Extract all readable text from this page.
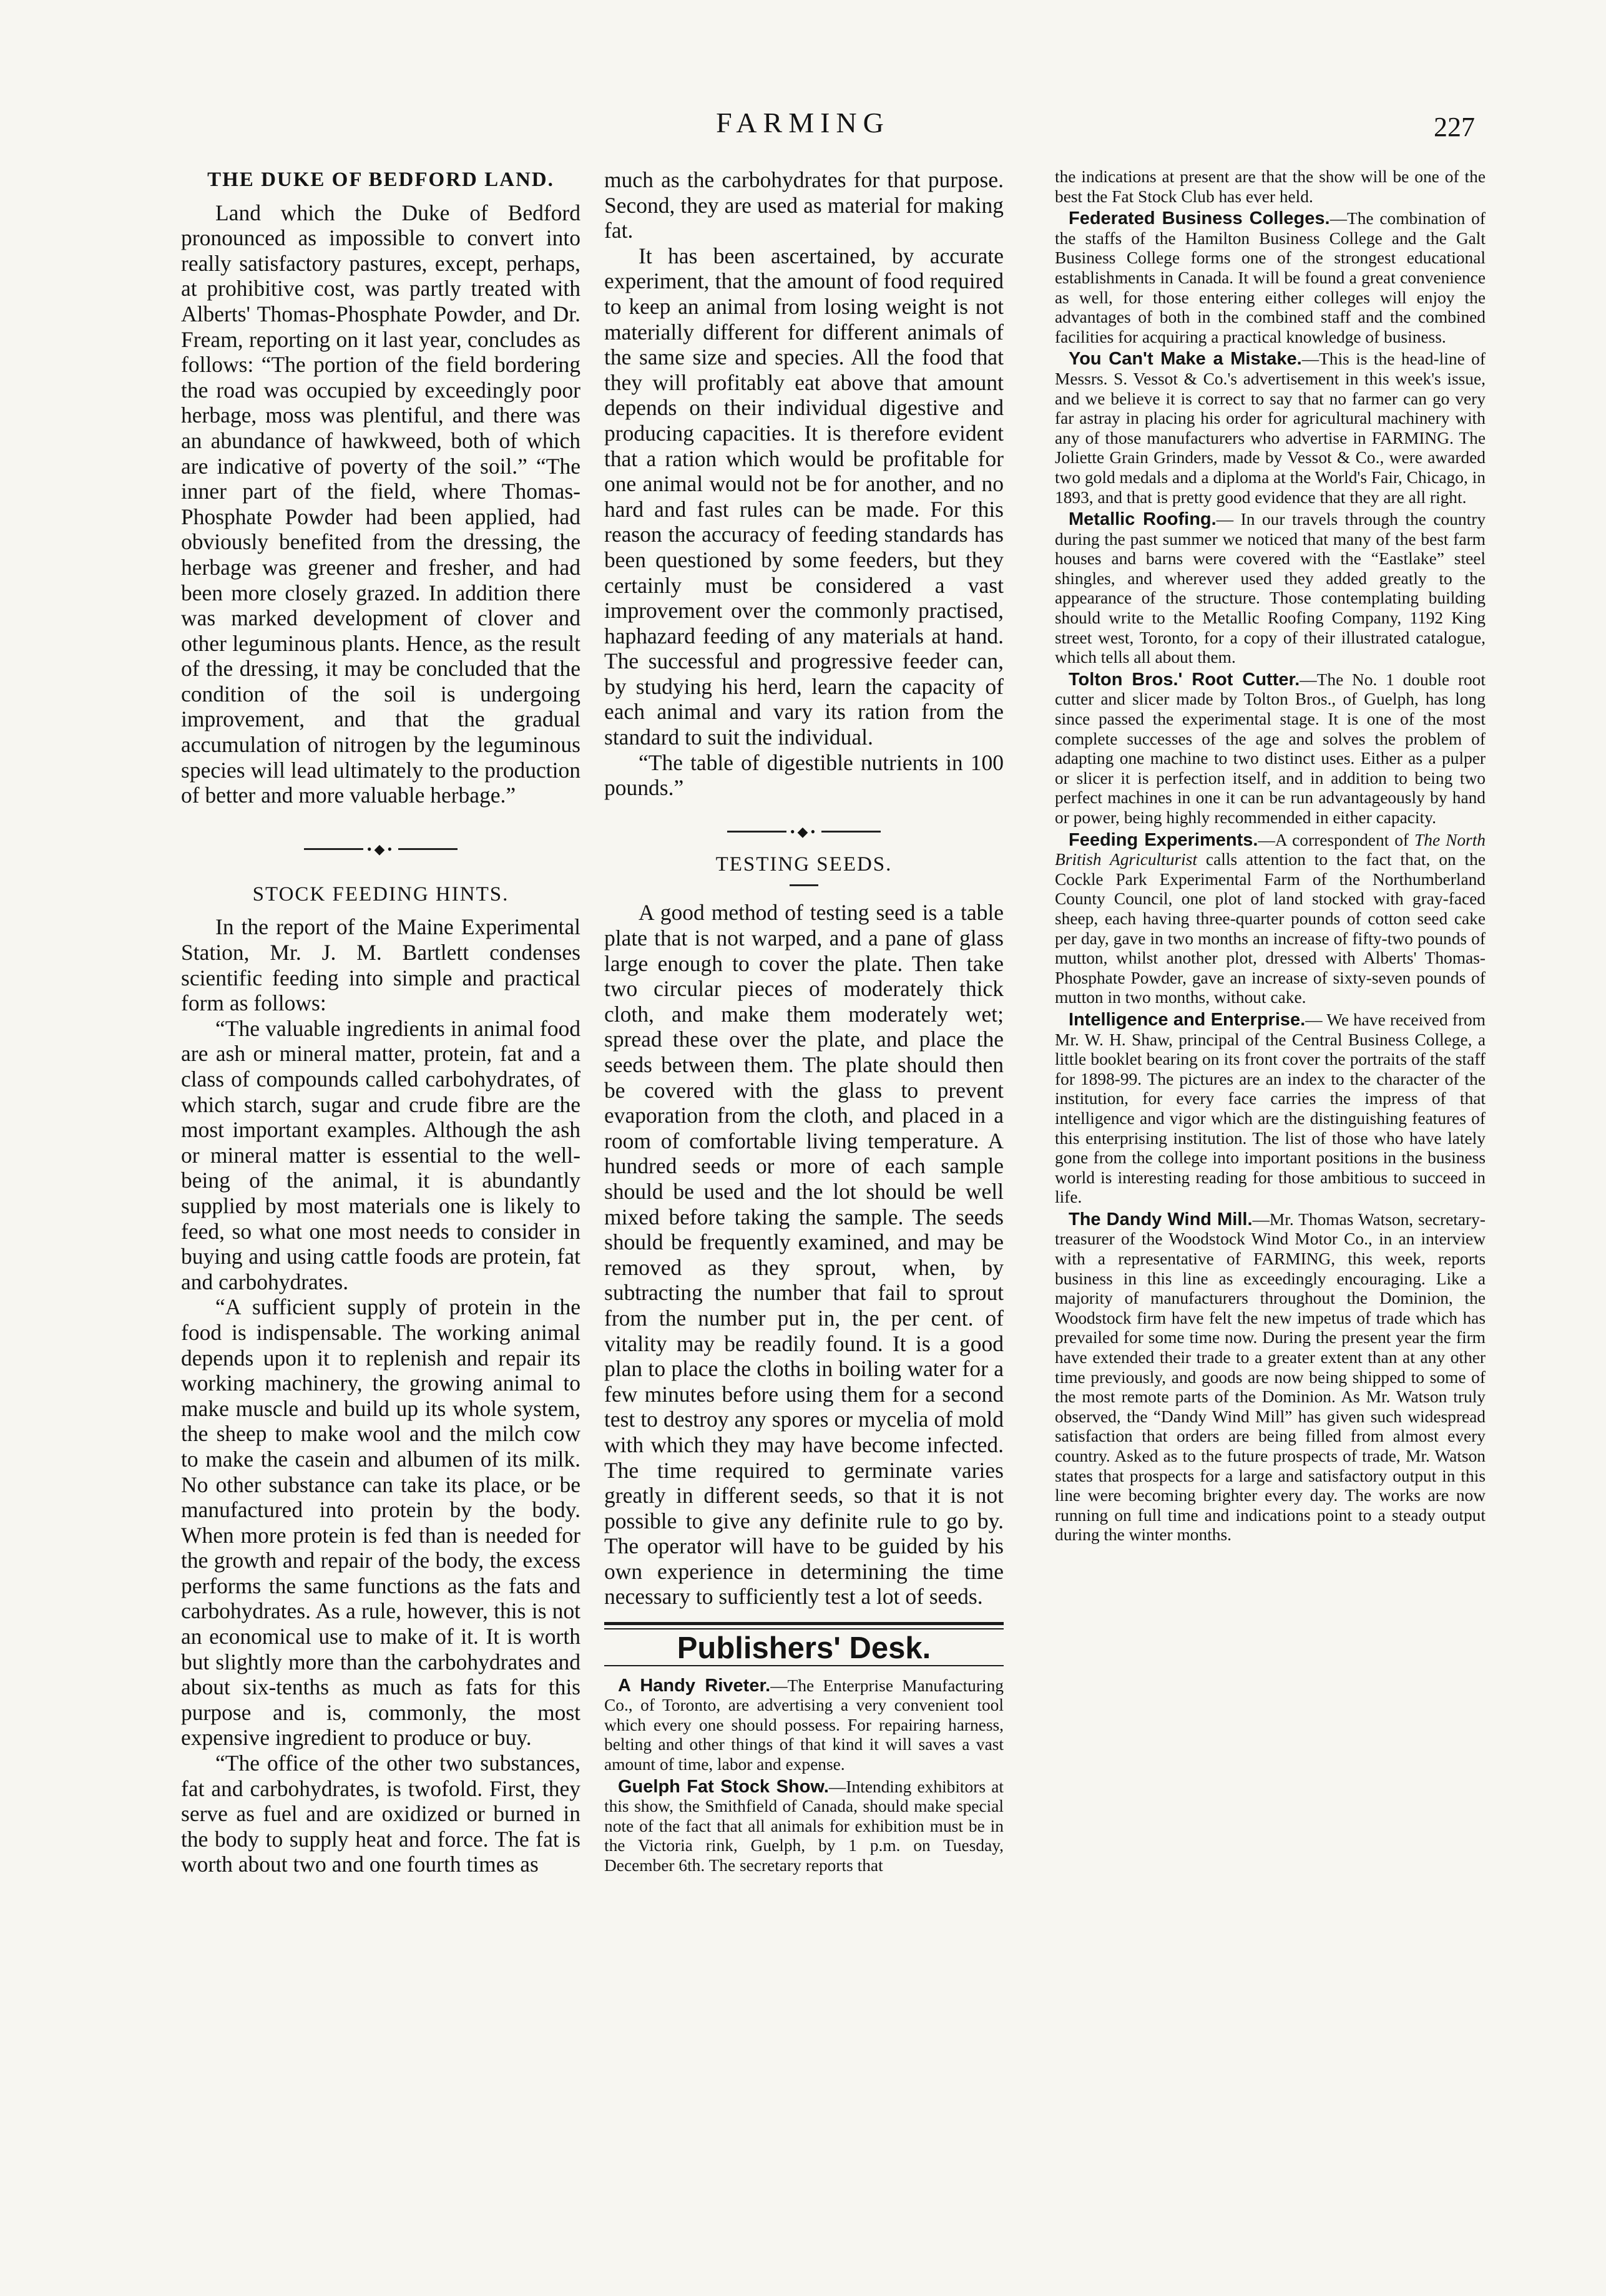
FARMING	227
THE DUKE OF BEDFORD LAND.

Land which the Duke of Bedford pronounced as impossible to convert into really satisfactory pastures, except, perhaps, at prohibitive cost, was partly treated with Alberts' Thomas-Phosphate Powder, and Dr. Fream, reporting on it last year, concludes as follows: “The portion of the field bordering the road was occupied by exceedingly poor herbage, moss was plentiful, and there was an abundance of hawkweed, both of which are indicative of poverty of the soil.” “The inner part of the field, where Thomas-Phosphate Powder had been applied, had obviously benefited from the dressing, the herbage was greener and fresher, and had been more closely grazed. In addition there was marked development of clover and other leguminous plants. Hence, as the result of the dressing, it may be concluded that the condition of the soil is undergoing improvement, and that the gradual accumulation of nitrogen by the leguminous species will lead ultimately to the production of better and more valuable herbage.”

•◆•
STOCK FEEDING HINTS.

In the report of the Maine Experimental Station, Mr. J. M. Bartlett condenses scientific feeding into simple and practical form as follows:

“The valuable ingredients in animal food are ash or mineral matter, protein, fat and a class of compounds called carbohydrates, of which starch, sugar and crude fibre are the most important examples. Although the ash or mineral matter is essential to the well-being of the animal, it is abundantly supplied by most materials one is likely to feed, so what one most needs to consider in buying and using cattle foods are protein, fat and carbohydrates.

“A sufficient supply of protein in the food is indispensable. The working animal depends upon it to replenish and repair its working machinery, the growing animal to make muscle and build up its whole system, the sheep to make wool and the milch cow to make the casein and albumen of its milk. No other substance can take its place, or be manufactured into protein by the body. When more protein is fed than is needed for the growth and repair of the body, the excess performs the same functions as the fats and carbohydrates. As a rule, however, this is not an economical use to make of it. It is worth but slightly more than the carbohydrates and about six-tenths as much as fats for this purpose and is, commonly, the most expensive ingredient to produce or buy.

“The office of the other two substances, fat and carbohydrates, is twofold. First, they serve as fuel and are oxidized or burned in the body to supply heat and force. The fat is worth about two and one fourth times as

much as the carbohydrates for that purpose. Second, they are used as material for making fat.

It has been ascertained, by accurate experiment, that the amount of food required to keep an animal from losing weight is not materially different for different animals of the same size and species. All the food that they will profitably eat above that amount depends on their individual digestive and producing capacities. It is therefore evident that a ration which would be profitable for one animal would not be for another, and no hard and fast rules can be made. For this reason the accuracy of feeding standards has been questioned by some feeders, but they certainly must be considered a vast improvement over the commonly practised, haphazard feeding of any materials at hand. The successful and progressive feeder can, by studying his herd, learn the capacity of each animal and vary its ration from the standard to suit the individual.

“The table of digestible nutrients in 100 pounds.”

•◆•
TESTING SEEDS.

A good method of testing seed is a table plate that is not warped, and a pane of glass large enough to cover the plate. Then take two circular pieces of moderately thick cloth, and make them moderately wet; spread these over the plate, and place the seeds between them. The plate should then be covered with the glass to prevent evaporation from the cloth, and placed in a room of comfortable living temperature. A hundred seeds or more of each sample should be used and the lot should be well mixed before taking the sample. The seeds should be frequently examined, and may be removed as they sprout, when, by subtracting the number that fail to sprout from the number put in, the per cent. of vitality may be readily found. It is a good plan to place the cloths in boiling water for a few minutes before using them for a second test to destroy any spores or mycelia of mold with which they may have become infected. The time required to germinate varies greatly in different seeds, so that it is not possible to give any definite rule to go by. The operator will have to be guided by his own experience in determining the time necessary to sufficiently test a lot of seeds.

Publishers' Desk.

A Handy Riveter.—The Enterprise Manufacturing Co., of Toronto, are advertising a very convenient tool which every one should possess. For repairing harness, belting and other things of that kind it will saves a vast amount of time, labor and expense.

Guelph Fat Stock Show.—Intending exhibitors at this show, the Smithfield of Canada, should make special note of the fact that all animals for exhibition must be in the Victoria rink, Guelph, by 1 p.m. on Tuesday, December 6th. The secretary reports that

the indications at present are that the show will be one of the best the Fat Stock Club has ever held.

Federated Business Colleges.—The combination of the staffs of the Hamilton Business College and the Galt Business College forms one of the strongest educational establishments in Canada. It will be found a great convenience as well, for those entering either colleges will enjoy the advantages of both in the combined staff and the combined facilities for acquiring a practical knowledge of business.

You Can't Make a Mistake.—This is the head-line of Messrs. S. Vessot & Co.'s advertisement in this week's issue, and we believe it is correct to say that no farmer can go very far astray in placing his order for agricultural machinery with any of those manufacturers who advertise in FARMING. The Joliette Grain Grinders, made by Vessot & Co., were awarded two gold medals and a diploma at the World's Fair, Chicago, in 1893, and that is pretty good evidence that they are all right.

Metallic Roofing.— In our travels through the country during the past summer we noticed that many of the best farm houses and barns were covered with the “Eastlake” steel shingles, and wherever used they added greatly to the appearance of the structure. Those contemplating building should write to the Metallic Roofing Company, 1192 King street west, Toronto, for a copy of their illustrated catalogue, which tells all about them.

Tolton Bros.' Root Cutter.—The No. 1 double root cutter and slicer made by Tolton Bros., of Guelph, has long since passed the experimental stage. It is one of the most complete successes of the age and solves the problem of adapting one machine to two distinct uses. Either as a pulper or slicer it is perfection itself, and in addition to being two perfect machines in one it can be run advantageously by hand or power, being highly recommended in either capacity.

Feeding Experiments.—A correspondent of The North British Agriculturist calls attention to the fact that, on the Cockle Park Experimental Farm of the Northumberland County Council, one plot of land stocked with gray-faced sheep, each having three-quarter pounds of cotton seed cake per day, gave in two months an increase of fifty-two pounds of mutton, whilst another plot, dressed with Alberts' Thomas-Phosphate Powder, gave an increase of sixty-seven pounds of mutton in two months, without cake.

Intelligence and Enterprise.— We have received from Mr. W. H. Shaw, principal of the Central Business College, a little booklet bearing on its front cover the portraits of the staff for 1898-99. The pictures are an index to the character of the institution, for every face carries the impress of that intelligence and vigor which are the distinguishing features of this enterprising institution. The list of those who have lately gone from the college into important positions in the business world is interesting reading for those ambitious to succeed in life.

The Dandy Wind Mill.—Mr. Thomas Watson, secretary-treasurer of the Woodstock Wind Motor Co., in an interview with a representative of FARMING, this week, reports business in this line as exceedingly encouraging. Like a majority of manufacturers throughout the Dominion, the Woodstock firm have felt the new impetus of trade which has prevailed for some time now. During the present year the firm have extended their trade to a greater extent than at any other time previously, and goods are now being shipped to some of the most remote parts of the Dominion. As Mr. Watson truly observed, the “Dandy Wind Mill” has given such widespread satisfaction that orders are being filled from almost every country. Asked as to the future prospects of trade, Mr. Watson states that prospects for a large and satisfactory output in this line were becoming brighter every day. The works are now running on full time and indications point to a steady output during the winter months.
